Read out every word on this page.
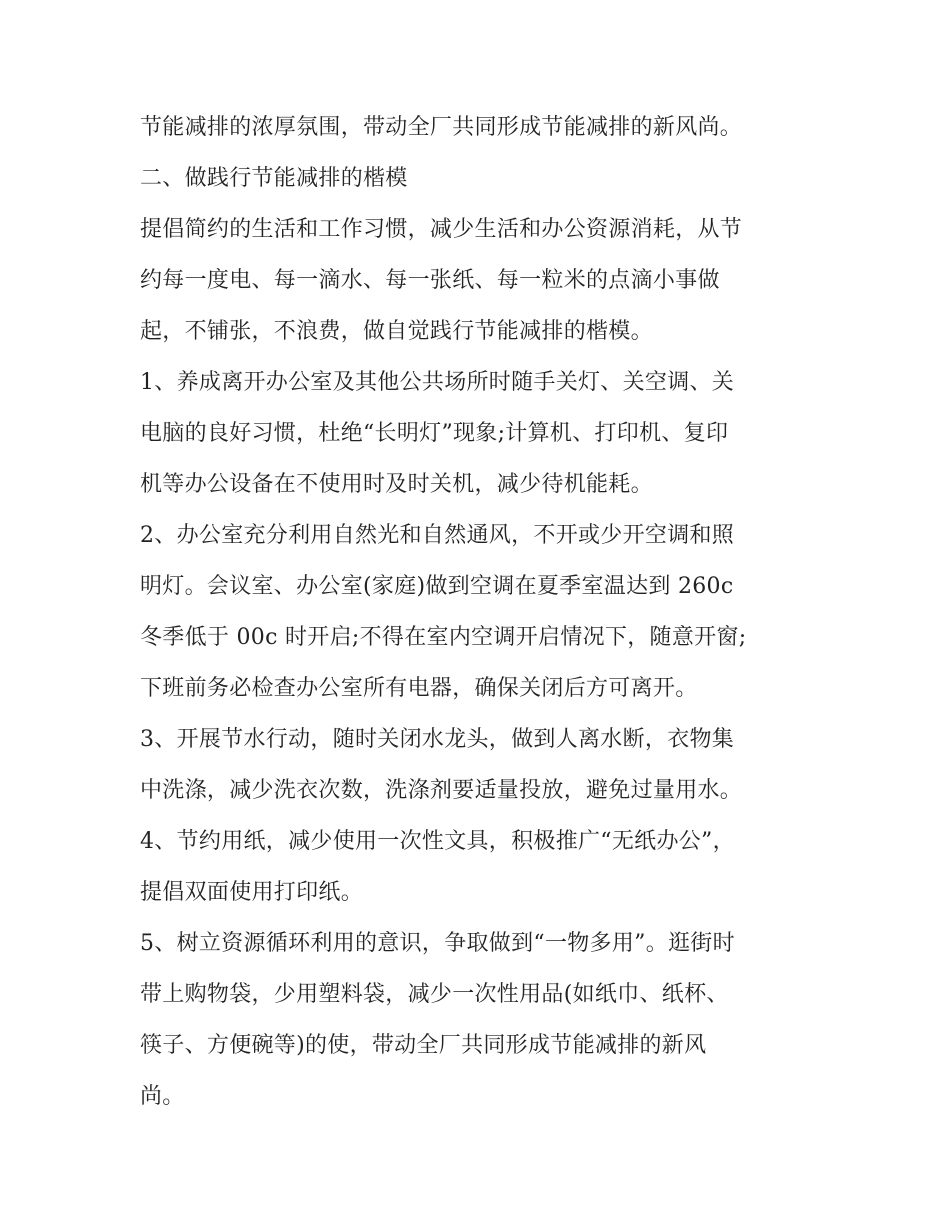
节能减排的浓厚氛围，带动全厂共同形成节能减排的新风尚。
二、做践行节能减排的楷模
提倡简约的生活和工作习惯，减少生活和办公资源消耗，从节
约每一度电、每一滴水、每一张纸、每一粒米的点滴小事做
起，不铺张，不浪费，做自觉践行节能减排的楷模。
1、养成离开办公室及其他公共场所时随手关灯、关空调、关
电脑的良好习惯，杜绝“长明灯”现象;计算机、打印机、复印
机等办公设备在不使用时及时关机，减少待机能耗。
2、办公室充分利用自然光和自然通风，不开或少开空调和照
明灯。会议室、办公室(家庭)做到空调在夏季室温达到 260c
冬季低于 00c 时开启;不得在室内空调开启情况下，随意开窗;
下班前务必检查办公室所有电器，确保关闭后方可离开。
3、开展节水行动，随时关闭水龙头，做到人离水断，衣物集
中洗涤，减少洗衣次数，洗涤剂要适量投放，避免过量用水。
4、节约用纸，减少使用一次性文具，积极推广“无纸办公”，
提倡双面使用打印纸。
5、树立资源循环利用的意识，争取做到“一物多用”。逛街时
带上购物袋，少用塑料袋，减少一次性用品(如纸巾、纸杯、
筷子、方便碗等)的使，带动全厂共同形成节能减排的新风
尚。
